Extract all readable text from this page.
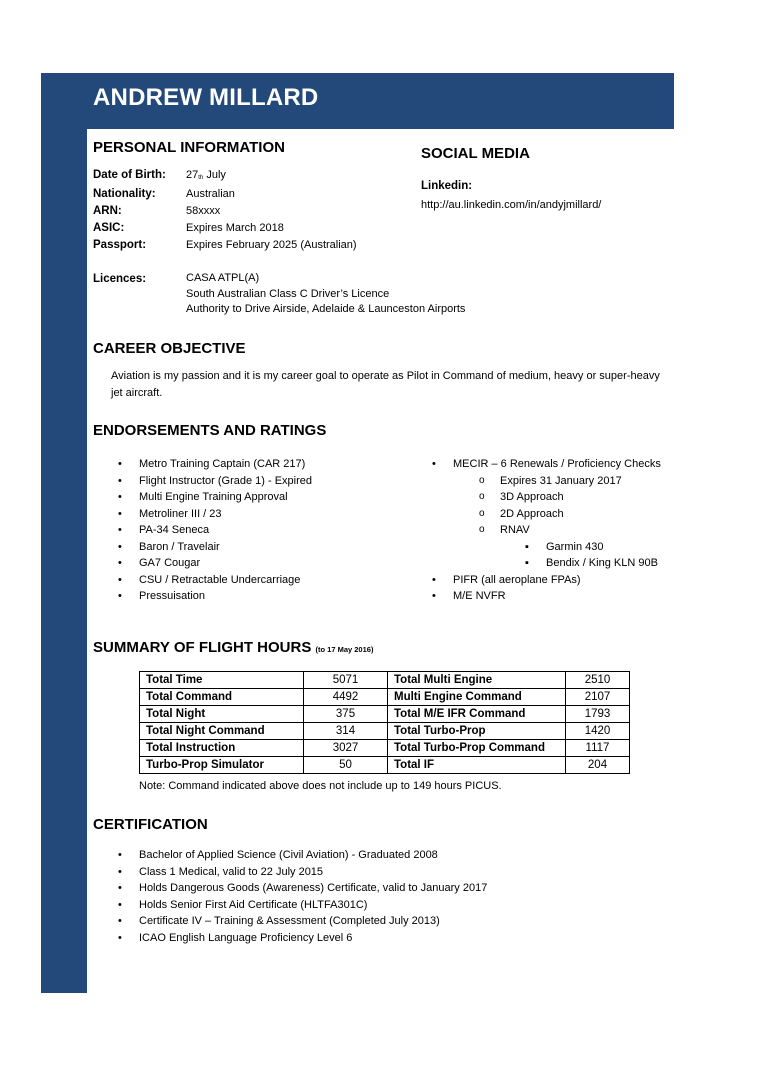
ANDREW MILLARD
PERSONAL INFORMATION	SOCIAL MEDIA
Date of Birth:	$27_{th}$ July
Nationality:	Australian
ARN:	58xxxx
ASIC:	Expires March 2018
Passport:	Expires February 2025 (Australian)
Licences:	CASA ATPL(A)
South Australian Class C Driver’s Licence
Authority to Drive Airside, Adelaide & Launceston Airports
Linkedin:
http://au.linkedin.com/in/andyjmillard/
CAREER OBJECTIVE
Aviation is my passion and it is my career goal to operate as Pilot in Command of medium, heavy or super-heavy jet aircraft.
ENDORSEMENTS AND RATINGS
• Metro Training Captain (CAR 217)
• Flight Instructor (Grade 1) - Expired
• Multi Engine Training Approval
• Metroliner III / 23
• PA-34 Seneca
• Baron / Travelair
• GA7 Cougar
• CSU / Retractable Undercarriage
• Pressuisation
• MECIR – 6 Renewals / Proficiency Checks
o Expires 31 January 2017
o 3D Approach
o 2D Approach
o RNAV
▪ Garmin 430
▪ Bendix / King KLN 90B
• PIFR (all aeroplane FPAs)
• M/E NVFR
SUMMARY OF FLIGHT HOURS (to 17 May 2016)
Total Time	5071	Total Multi Engine	2510
Total Command	4492	Multi Engine Command	2107
Total Night	375	Total M/E IFR Command	1793
Total Night Command	314	Total Turbo-Prop	1420
Total Instruction	3027	Total Turbo-Prop Command	1117
Turbo-Prop Simulator	50	Total IF	204
Note: Command indicated above does not include up to 149 hours PICUS.
CERTIFICATION
• Bachelor of Applied Science (Civil Aviation) - Graduated 2008
• Class 1 Medical, valid to 22 July 2015
• Holds Dangerous Goods (Awareness) Certificate, valid to January 2017
• Holds Senior First Aid Certificate (HLTFA301C)
• Certificate IV – Training & Assessment (Completed July 2013)
• ICAO English Language Proficiency Level 6
